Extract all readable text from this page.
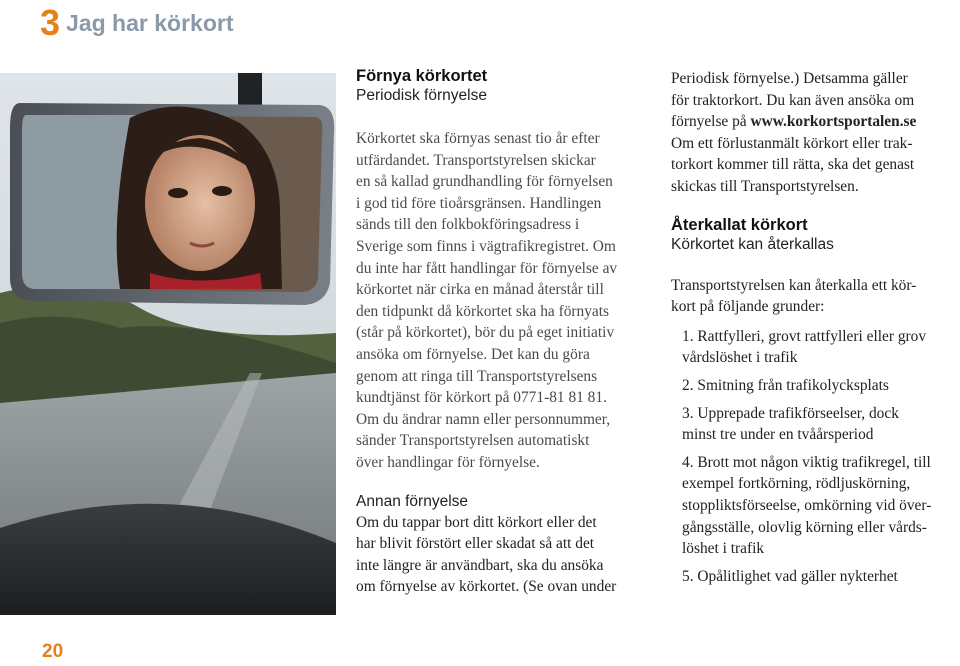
3 Jag har körkort
Förnya körkortet
Periodisk förnyelse
Körkortet ska förnyas senast tio år efter
utfärdandet. Transportstyrelsen skickar
en så kallad grundhandling för förnyelsen
i god tid före tioårsgränsen. Handlingen
sänds till den folkbokföringsadress i
Sverige som finns i vägtrafikregistret. Om
du inte har fått handlingar för förnyelse av
körkortet när cirka en månad återstår till
den tidpunkt då körkortet ska ha förnyats
(står på körkortet), bör du på eget initiativ
ansöka om förnyelse. Det kan du göra
genom att ringa till Transportstyrelsens
kundtjänst för körkort på 0771-81 81 81.
Om du ändrar namn eller personnummer,
sänder Transportstyrelsen automatiskt
över handlingar för förnyelse.
Annan förnyelse
Om du tappar bort ditt körkort eller det
har blivit förstört eller skadat så att det
inte längre är användbart, ska du ansöka
om förnyelse av körkortet. (Se ovan under
Periodisk förnyelse.) Detsamma gäller
för traktorkort. Du kan även ansöka om
förnyelse på www.korkortsportalen.se
Om ett förlustanmält körkort eller trak-
torkort kommer till rätta, ska det genast
skickas till Transportstyrelsen.
Återkallat körkort
Körkortet kan återkallas
Transportstyrelsen kan återkalla ett kör-
kort på följande grunder:
1. Rattfylleri, grovt rattfylleri eller grov
vårdslöshet i trafik
2. Smitning från trafikolycksplats
3. Upprepade trafikförseelser, dock
minst tre under en tvåårsperiod
4. Brott mot någon viktig trafikregel, till
exempel fortkörning, rödljuskörning,
stoppliktsförseelse, omkörning vid över-
gångsställe, olovlig körning eller vårds-
löshet i trafik
5. Opålitlighet vad gäller nykterhet
20
